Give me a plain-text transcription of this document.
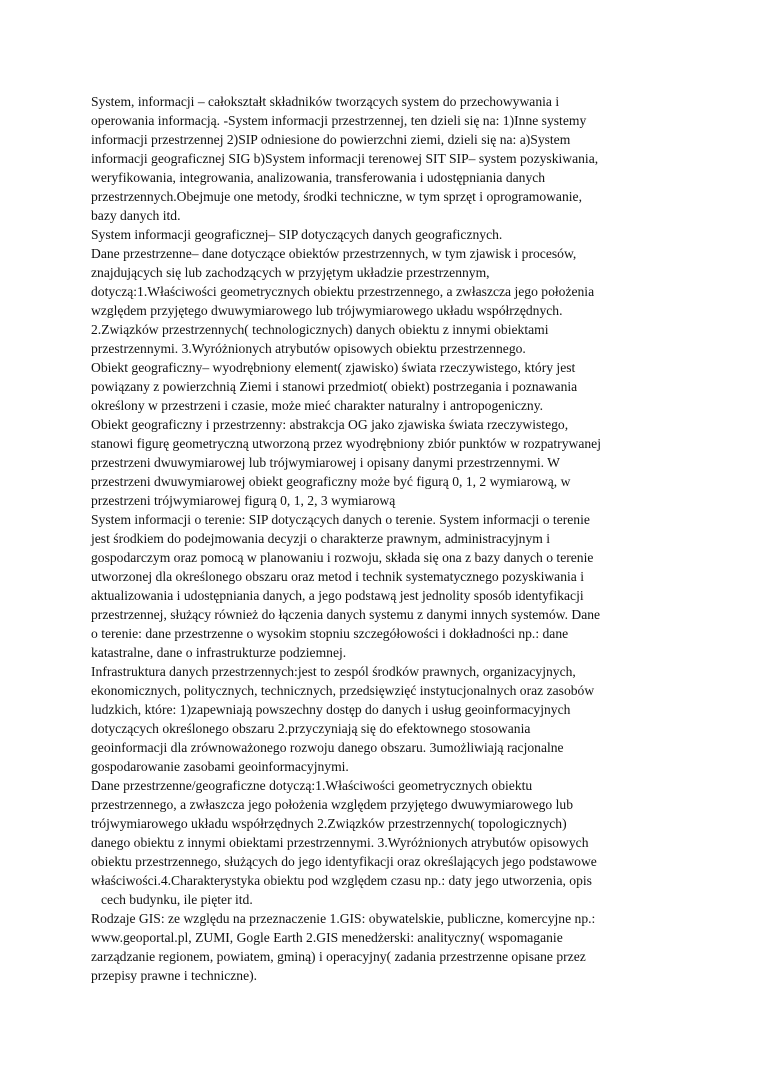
System, informacji – całokształt składników tworzących system do przechowywania i
operowania informacją. -System informacji przestrzennej, ten dzieli się na: 1)Inne systemy
informacji przestrzennej 2)SIP odniesione do powierzchni ziemi, dzieli się na: a)System
informacji geograficznej SIG b)System informacji terenowej SIT SIP– system pozyskiwania,
weryfikowania, integrowania, analizowania, transferowania i udostępniania danych
przestrzennych.Obejmuje one metody, środki techniczne, w tym sprzęt i oprogramowanie,
bazy danych itd.
System informacji geograficznej– SIP dotyczących danych geograficznych.
Dane przestrzenne– dane dotyczące obiektów przestrzennych, w tym zjawisk i procesów,
znajdujących się lub zachodzących w przyjętym układzie przestrzennym,
dotyczą:1.Właściwości geometrycznych obiektu przestrzennego, a zwłaszcza jego położenia
względem przyjętego dwuwymiarowego lub trójwymiarowego układu współrzędnych.
2.Związków przestrzennych( technologicznych) danych obiektu z innymi obiektami
przestrzennymi. 3.Wyróżnionych atrybutów opisowych obiektu przestrzennego.
Obiekt geograficzny– wyodrębniony element( zjawisko) świata rzeczywistego, który jest
powiązany z powierzchnią Ziemi i stanowi przedmiot( obiekt) postrzegania i poznawania
określony w przestrzeni i czasie, może mieć charakter naturalny i antropogeniczny.
Obiekt geograficzny i przestrzenny: abstrakcja OG jako zjawiska świata rzeczywistego,
stanowi figurę geometryczną utworzoną przez wyodrębniony zbiór punktów w rozpatrywanej
przestrzeni dwuwymiarowej lub trójwymiarowej i opisany danymi przestrzennymi. W
przestrzeni dwuwymiarowej obiekt geograficzny może być figurą 0, 1, 2 wymiarową, w
przestrzeni trójwymiarowej figurą 0, 1, 2, 3 wymiarową
System informacji o terenie: SIP dotyczących danych o terenie. System informacji o terenie
jest środkiem do podejmowania decyzji o charakterze prawnym, administracyjnym i
gospodarczym oraz pomocą w planowaniu i rozwoju, składa się ona z bazy danych o terenie
utworzonej dla określonego obszaru oraz metod i technik systematycznego pozyskiwania i
aktualizowania i udostępniania danych, a jego podstawą jest jednolity sposób identyfikacji
przestrzennej, służący również do łączenia danych systemu z danymi innych systemów. Dane
o terenie: dane przestrzenne o wysokim stopniu szczegółowości i dokładności np.: dane
katastralne, dane o infrastrukturze podziemnej.
Infrastruktura danych przestrzennych:jest to zespól środków prawnych, organizacyjnych,
ekonomicznych, politycznych, technicznych, przedsięwzięć instytucjonalnych oraz zasobów
ludzkich, które: 1)zapewniają powszechny dostęp do danych i usług geoinformacyjnych
dotyczących określonego obszaru 2.przyczyniają się do efektownego stosowania
geoinformacji dla zrównoważonego rozwoju danego obszaru. 3umożliwiają racjonalne
gospodarowanie zasobami geoinformacyjnymi.
Dane przestrzenne/geograficzne dotyczą:1.Właściwości geometrycznych obiektu
przestrzennego, a zwłaszcza jego położenia względem przyjętego dwuwymiarowego lub
trójwymiarowego układu współrzędnych 2.Związków przestrzennych( topologicznych)
danego obiektu z innymi obiektami przestrzennymi. 3.Wyróżnionych atrybutów opisowych
obiektu przestrzennego, służących do jego identyfikacji oraz określających jego podstawowe
właściwości.4.Charakterystyka obiektu pod względem czasu np.: daty jego utworzenia, opis
cech budynku, ile pięter itd.
Rodzaje GIS: ze względu na przeznaczenie 1.GIS: obywatelskie, publiczne, komercyjne np.:
www.geoportal.pl, ZUMI, Gogle Earth 2.GIS menedżerski: analityczny( wspomaganie
zarządzanie regionem, powiatem, gminą) i operacyjny( zadania przestrzenne opisane przez
przepisy prawne i techniczne).
